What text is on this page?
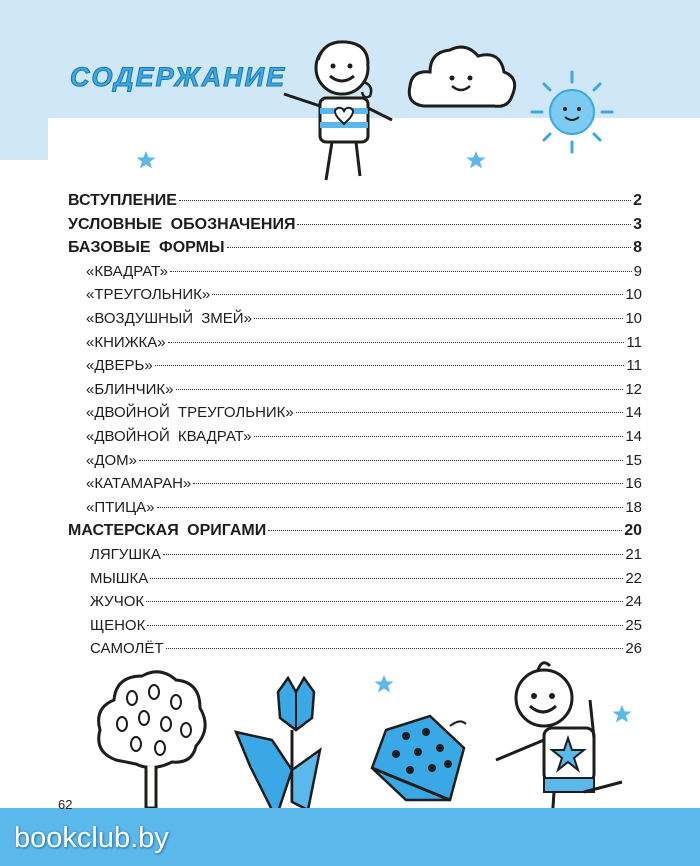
СОДЕРЖАНИЕ
ВСТУПЛЕНИЕ	2
УСЛОВНЫЕ ОБОЗНАЧЕНИЯ	3
БАЗОВЫЕ ФОРМЫ	8
«КВАДРАТ»	9
«ТРЕУГОЛЬНИК»	10
«ВОЗДУШНЫЙ ЗМЕЙ»	10
«КНИЖКА»	11
«ДВЕРЬ»	11
«БЛИНЧИК»	12
«ДВОЙНОЙ ТРЕУГОЛЬНИК»	14
«ДВОЙНОЙ КВАДРАТ»	14
«ДОМ»	15
«КАТАМАРАН»	16
«ПТИЦА»	18
МАСТЕРСКАЯ ОРИГАМИ	20
ЛЯГУШКА	21
МЫШКА	22
ЖУЧОК	24
ЩЕНОК	25
САМОЛЁТ	26

62

bookclub.by
